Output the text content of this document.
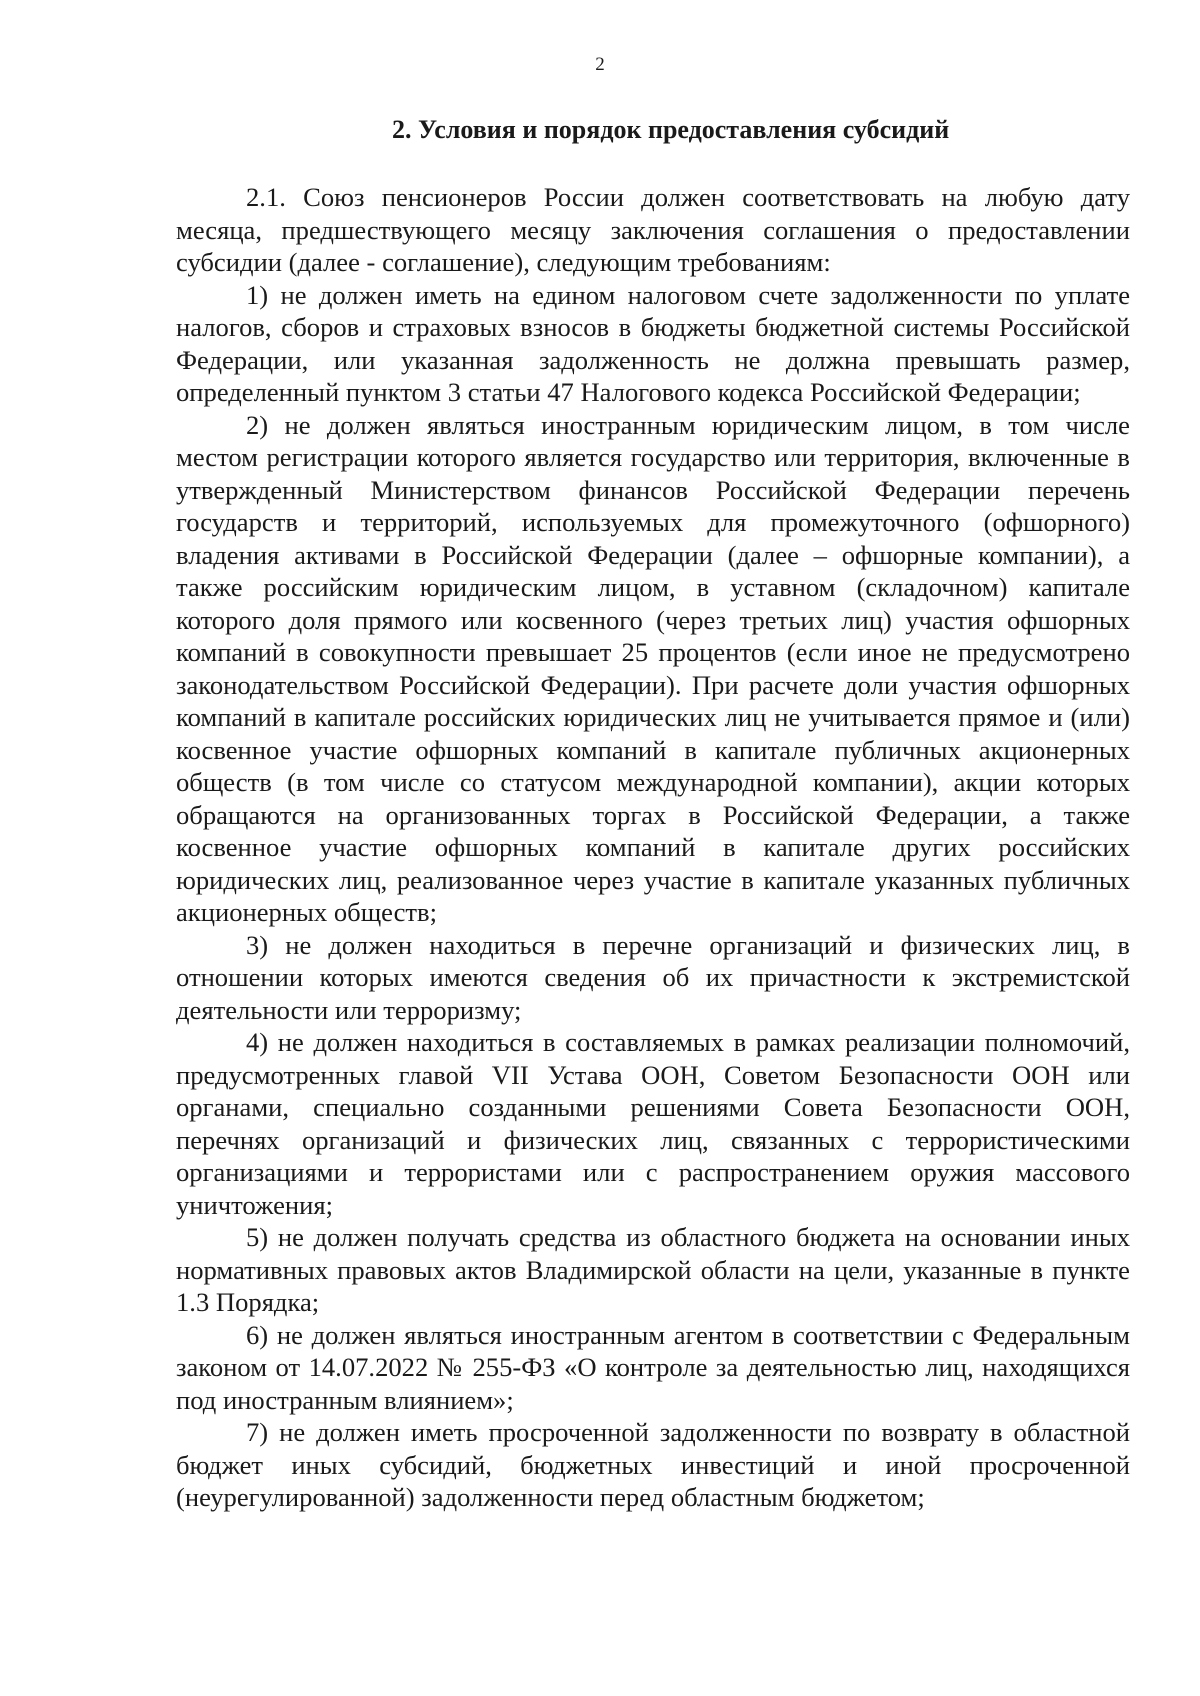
2
2. Условия и порядок предоставления субсидий

2.1. Союз пенсионеров России должен соответствовать на любую дату месяца, предшествующего месяцу заключения соглашения о предоставлении субсидии (далее - соглашение), следующим требованиям:

1) не должен иметь на едином налоговом счете задолженности по уплате налогов, сборов и страховых взносов в бюджеты бюджетной системы Российской Федерации, или указанная задолженность не должна превышать размер, определенный пунктом 3 статьи 47 Налогового кодекса Российской Федерации;

2) не должен являться иностранным юридическим лицом, в том числе местом регистрации которого является государство или территория, включенные в утвержденный Министерством финансов Российской Федерации перечень государств и территорий, используемых для промежуточного (офшорного) владения активами в Российской Федерации (далее – офшорные компании), а также российским юридическим лицом, в уставном (складочном) капитале которого доля прямого или косвенного (через третьих лиц) участия офшорных компаний в совокупности превышает 25 процентов (если иное не предусмотрено законодательством Российской Федерации). При расчете доли участия офшорных компаний в капитале российских юридических лиц не учитывается прямое и (или) косвенное участие офшорных компаний в капитале публичных акционерных обществ (в том числе со статусом международной компании), акции которых обращаются на организованных торгах в Российской Федерации, а также косвенное участие офшорных компаний в капитале других российских юридических лиц, реализованное через участие в капитале указанных публичных акционерных обществ;

3) не должен находиться в перечне организаций и физических лиц, в отношении которых имеются сведения об их причастности к экстремистской деятельности или терроризму;

4) не должен находиться в составляемых в рамках реализации полномочий, предусмотренных главой VII Устава ООН, Советом Безопасности ООН или органами, специально созданными решениями Совета Безопасности ООН, перечнях организаций и физических лиц, связанных с террористическими организациями и террористами или с распространением оружия массового уничтожения;

5) не должен получать средства из областного бюджета на основании иных нормативных правовых актов Владимирской области на цели, указанные в пункте 1.3 Порядка;

6) не должен являться иностранным агентом в соответствии с Федеральным законом от 14.07.2022 № 255-ФЗ «О контроле за деятельностью лиц, находящихся под иностранным влиянием»;

7) не должен иметь просроченной задолженности по возврату в областной бюджет иных субсидий, бюджетных инвестиций и иной просроченной (неурегулированной) задолженности перед областным бюджетом;
